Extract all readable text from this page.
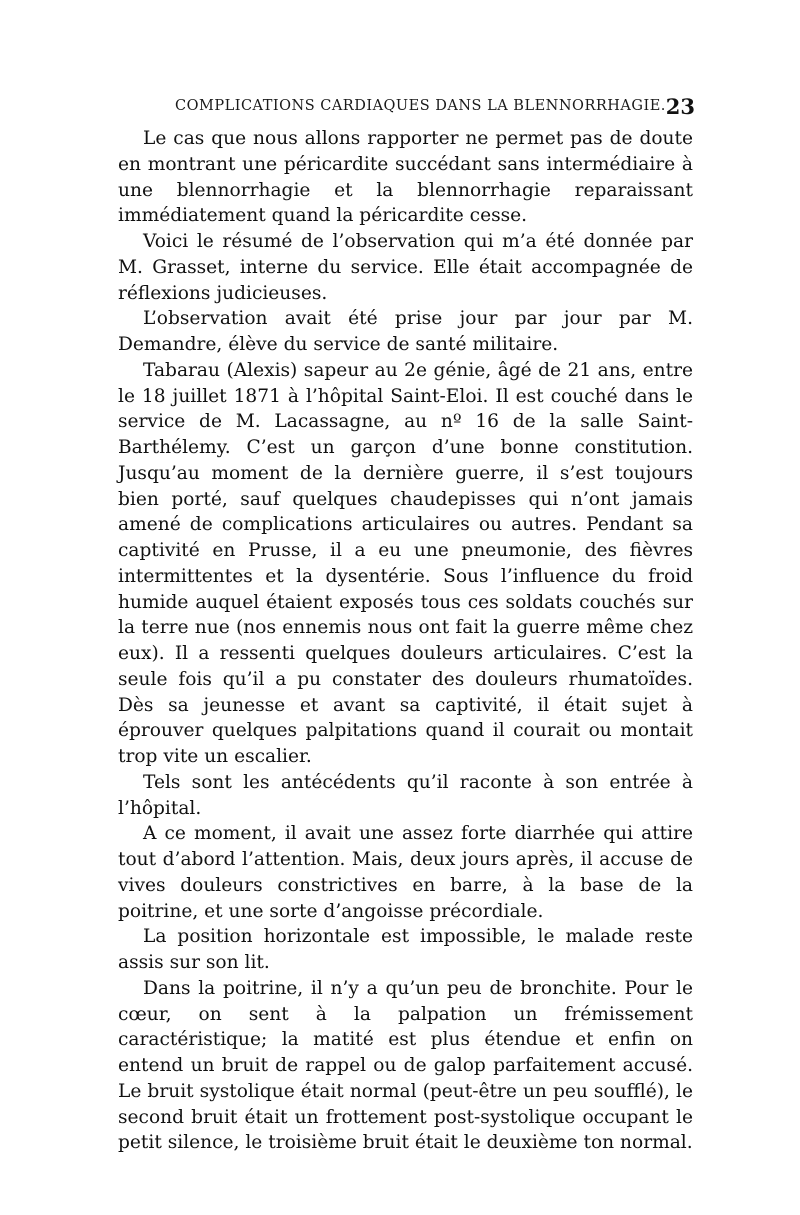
COMPLICATIONS CARDIAQUES DANS LA BLENNORRHAGIE. 23

Le cas que nous allons rapporter ne permet pas de doute en montrant une péricardite succédant sans intermédiaire à une blennorrhagie et la blennorrhagie reparaissant immédiatement quand la péricardite cesse.

Voici le résumé de l’observation qui m’a été donnée par M. Grasset, interne du service. Elle était accompagnée de réflexions judicieuses.

L’observation avait été prise jour par jour par M. Demandre, élève du service de santé militaire.

Tabarau (Alexis) sapeur au 2e génie, âgé de 21 ans, entre le 18 juillet 1871 à l’hôpital Saint-Eloi. Il est couché dans le service de M. Lacassagne, au nº 16 de la salle Saint-Barthélemy. C’est un garçon d’une bonne constitution. Jusqu’au moment de la dernière guerre, il s’est toujours bien porté, sauf quelques chaudepisses qui n’ont jamais amené de complications articulaires ou autres. Pendant sa captivité en Prusse, il a eu une pneumonie, des fièvres intermittentes et la dysentérie. Sous l’influence du froid humide auquel étaient exposés tous ces soldats couchés sur la terre nue (nos ennemis nous ont fait la guerre même chez eux). Il a ressenti quelques douleurs articulaires. C’est la seule fois qu’il a pu constater des douleurs rhumatoïdes. Dès sa jeunesse et avant sa captivité, il était sujet à éprouver quelques palpitations quand il courait ou montait trop vite un escalier.

Tels sont les antécédents qu’il raconte à son entrée à l’hôpital.

A ce moment, il avait une assez forte diarrhée qui attire tout d’abord l’attention. Mais, deux jours après, il accuse de vives douleurs constrictives en barre, à la base de la poitrine, et une sorte d’angoisse précordiale.

La position horizontale est impossible, le malade reste assis sur son lit.

Dans la poitrine, il n’y a qu’un peu de bronchite. Pour le cœur, on sent à la palpation un frémissement caractéristique; la matité est plus étendue et enfin on entend un bruit de rappel ou de galop parfaitement accusé. Le bruit systolique était normal (peut-être un peu soufflé), le second bruit était un frottement post-systolique occupant le petit silence, le troisième bruit était le deuxième ton normal.
